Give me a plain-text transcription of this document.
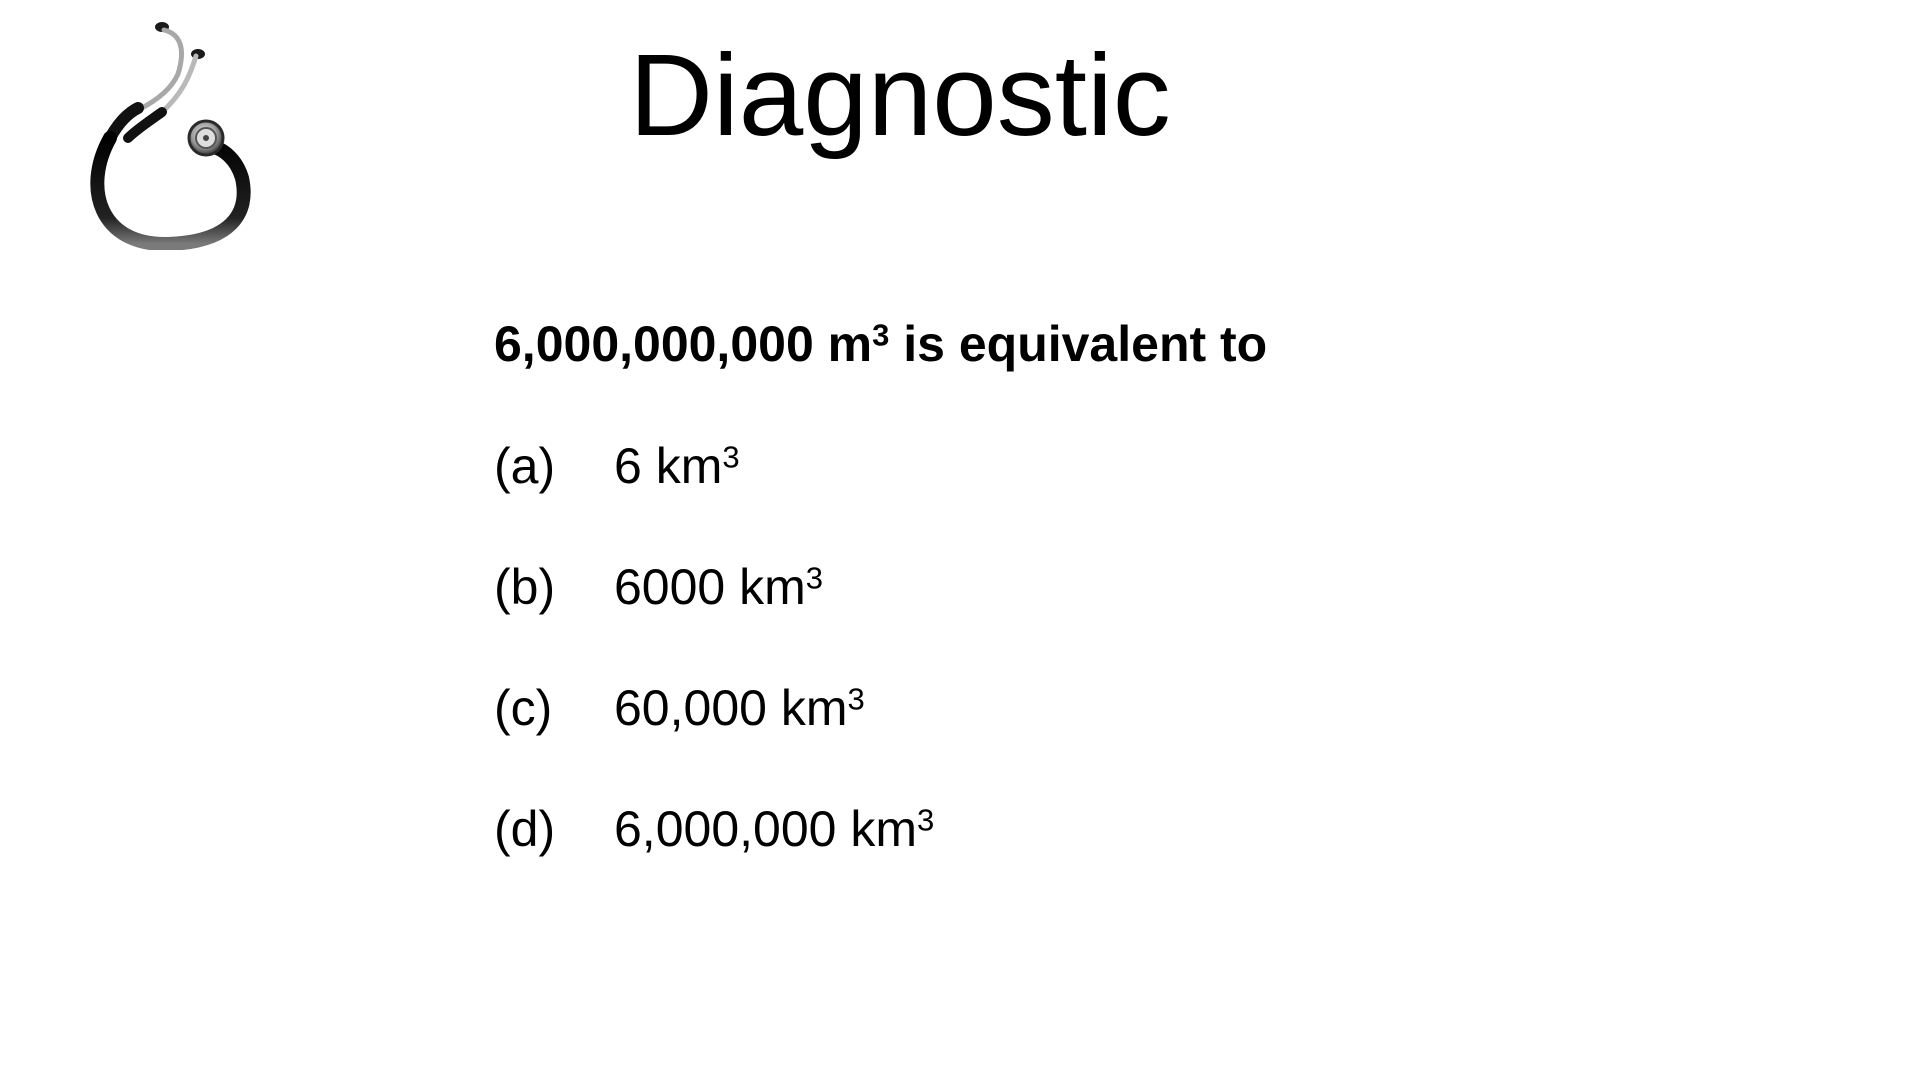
Diagnostic
6,000,000,000 $m^3$ is equivalent to
(a)	6 $km^3$
(b)	6000 $km^3$
(c)	60,000 $km^3$
(d)	6,000,000 $km^3$
